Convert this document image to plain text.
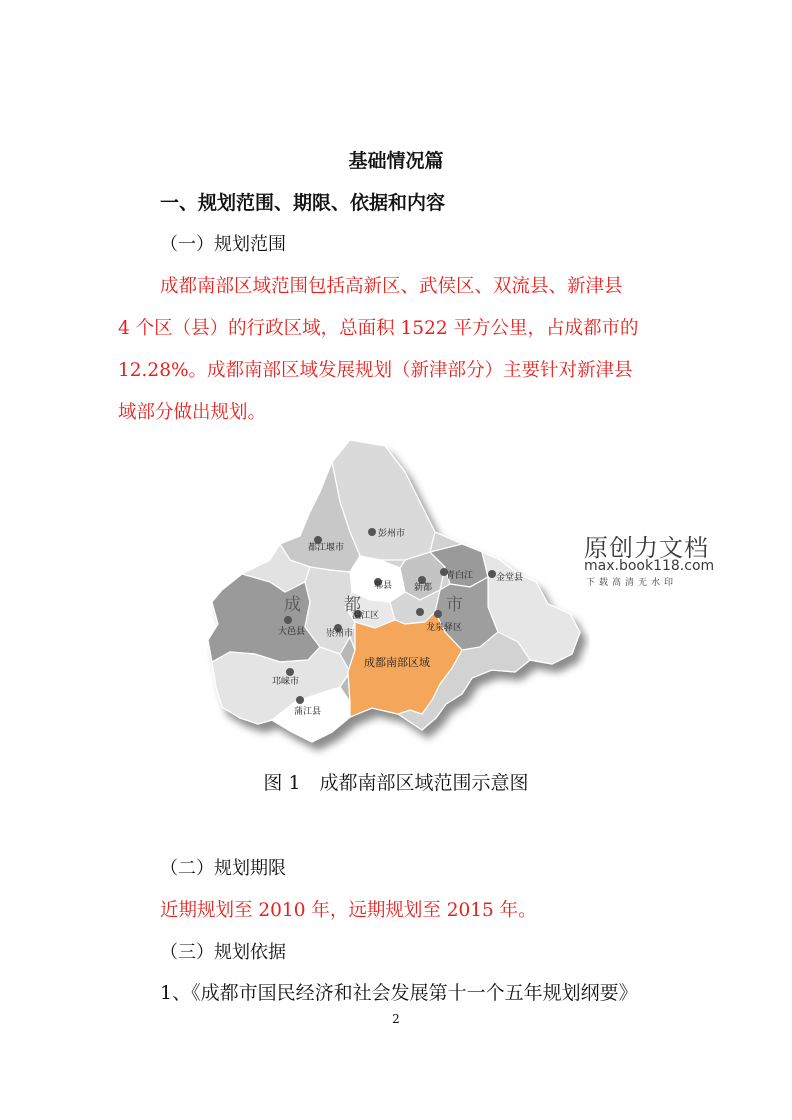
基础情况篇
一、规划范围、期限、依据和内容
（一）规划范围
成都南部区域范围包括高新区、武侯区、双流县、新津县
4 个区（县）的行政区域，总面积 1522 平方公里，占成都市的
12.28%。成都南部区域发展规划（新津部分）主要针对新津县
域部分做出规划。
彭州市
都江堰市
郫县 新都
青白江	金堂县
温江区
大邑县 崇州市
龙泉驿区
邛崃市
蒲江县
成	都	市
成都南部区域
原创力文档
max.book118.com
下载高清无水印
图 1　成都南部区域范围示意图
（二）规划期限
近期规划至 2010 年，远期规划至 2015 年。
（三）规划依据
1、《成都市国民经济和社会发展第十一个五年规划纲要》
2
